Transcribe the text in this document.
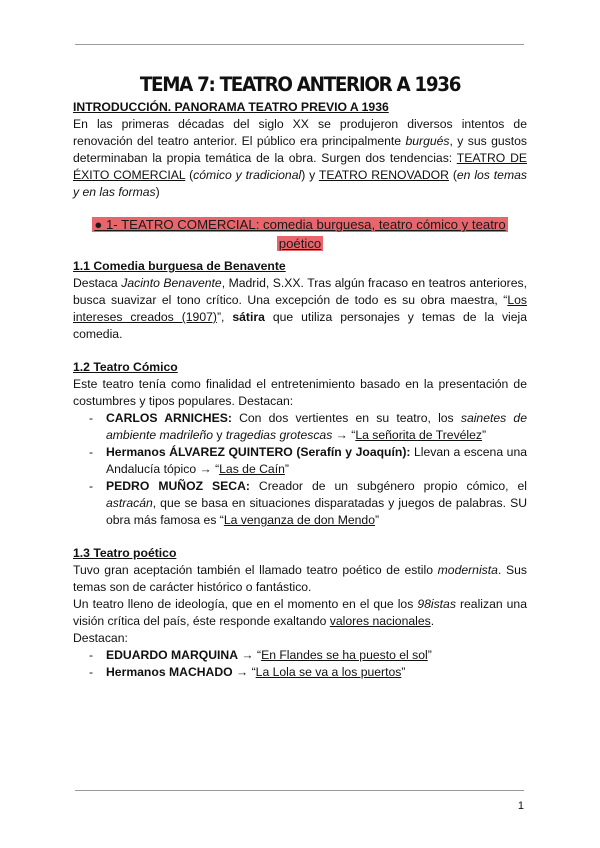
TEMA 7: TEATRO ANTERIOR A 1936
INTRODUCCIÓN. PANORAMA TEATRO PREVIO A 1936

En las primeras décadas del siglo XX se produjeron diversos intentos de renovación del teatro anterior. El público era principalmente burgués, y sus gustos determinaban la propia temática de la obra. Surgen dos tendencias: TEATRO DE ÉXITO COMERCIAL (cómico y tradicional) y TEATRO RENOVADOR (en los temas y en las formas)

● 1- TEATRO COMERCIAL: comedia burguesa, teatro cómico y teatro poético
1.1 Comedia burguesa de Benavente

Destaca Jacinto Benavente, Madrid, S.XX. Tras algún fracaso en teatros anteriores, busca suavizar el tono crítico. Una excepción de todo es su obra maestra, “Los intereses creados (1907)”, sátira que utiliza personajes y temas de la vieja comedia.

1.2 Teatro Cómico

Este teatro tenía como finalidad el entretenimiento basado en la presentación de costumbres y tipos populares. Destacan:

- CARLOS ARNICHES: Con dos vertientes en su teatro, los sainetes de ambiente madrileño y tragedias grotescas → “La señorita de Trevélez”
- Hermanos ÁLVAREZ QUINTERO (Serafín y Joaquín): Llevan a escena una Andalucía tópico → “Las de Caín”
- PEDRO MUÑOZ SECA: Creador de un subgénero propio cómico, el astracán, que se basa en situaciones disparatadas y juegos de palabras. SU obra más famosa es “La venganza de don Mendo”
1.3 Teatro poético

Tuvo gran aceptación también el llamado teatro poético de estilo modernista. Sus temas son de carácter histórico o fantástico.

Un teatro lleno de ideología, que en el momento en el que los 98istas realizan una visión crítica del país, éste responde exaltando valores nacionales.

Destacan:

- EDUARDO MARQUINA → “En Flandes se ha puesto el sol”
- Hermanos MACHADO → “La Lola se va a los puertos”
1
